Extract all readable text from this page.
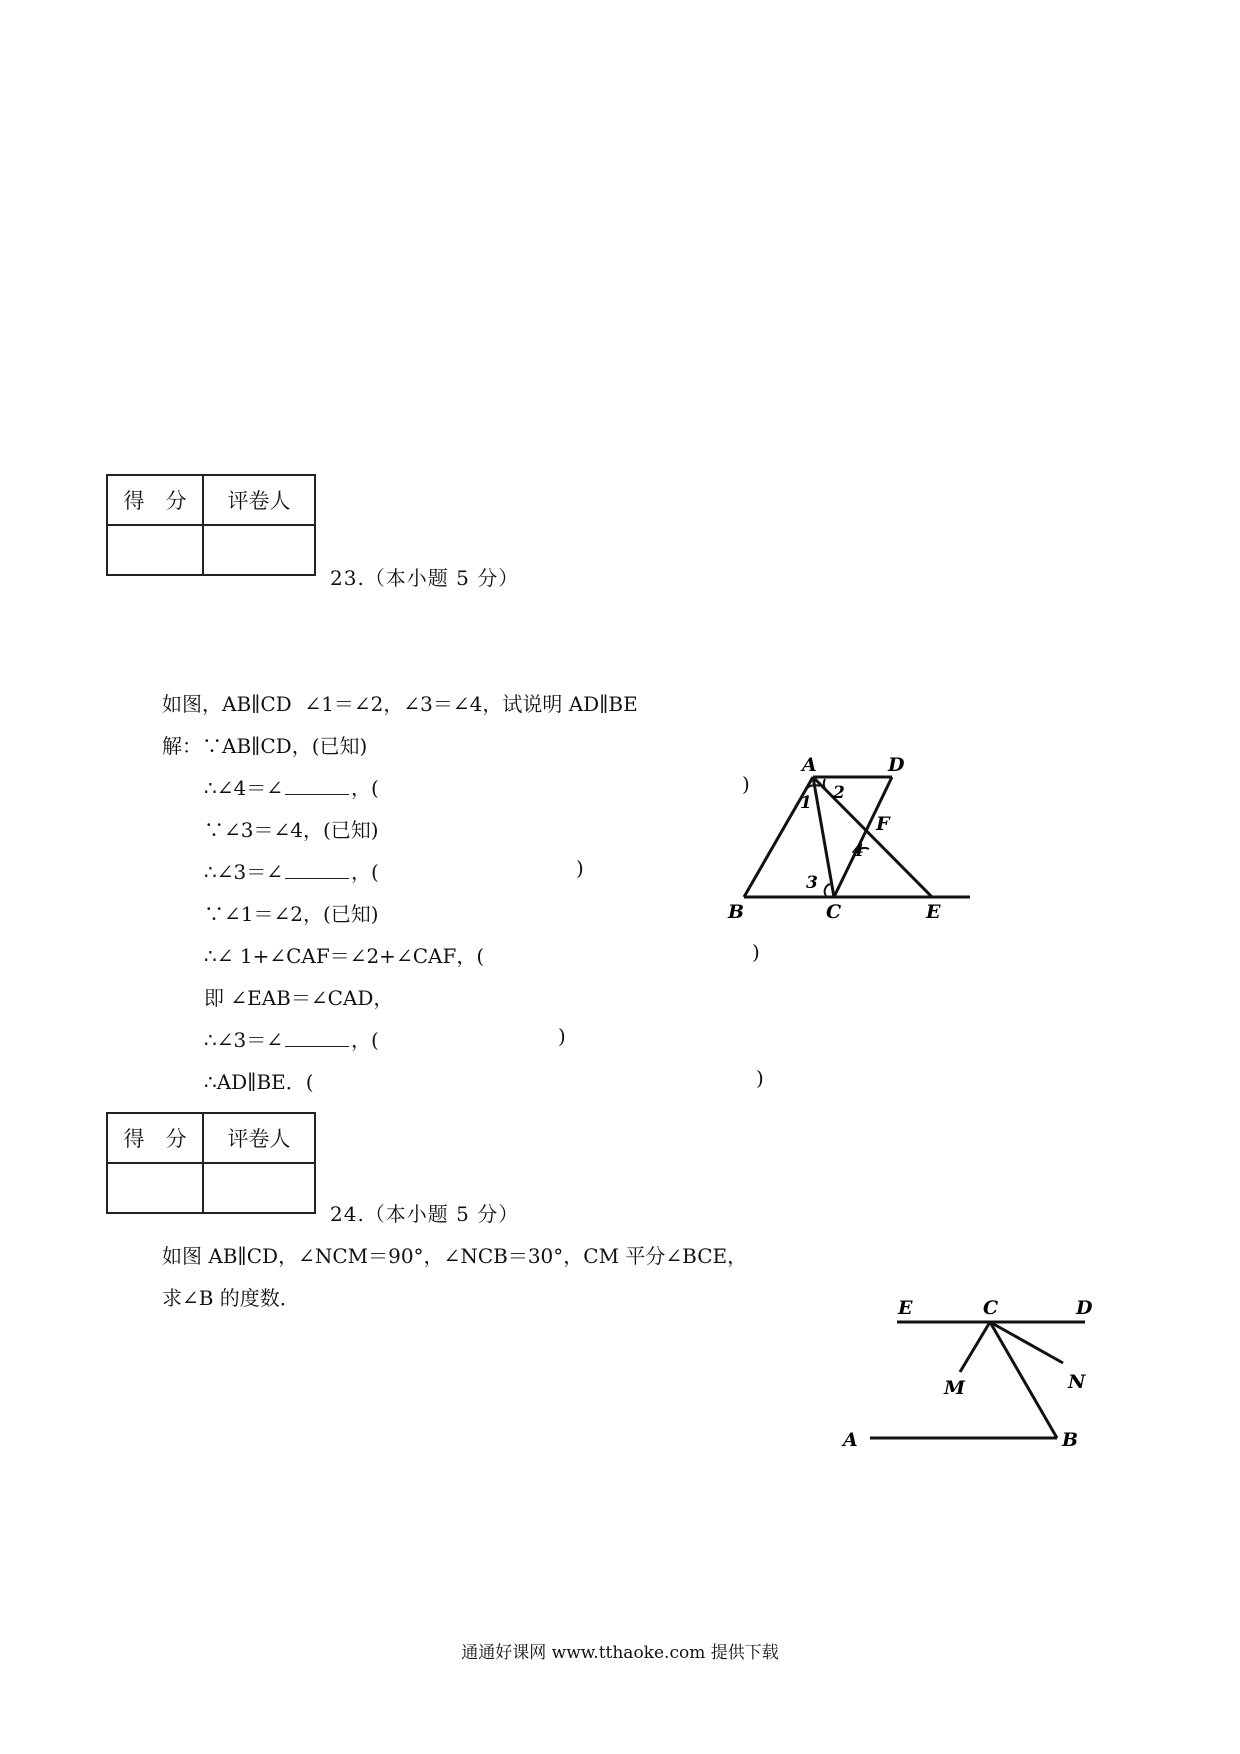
得　分	评卷人

23.（本小题 5 分）
如图，AB∥CD  ∠1＝∠2，∠3＝∠4，试说明 AD∥BE
解：∵AB∥CD，(已知)
∴∠4＝∠	，(	)
∵∠3＝∠4，(已知)
∴∠3＝∠	，(	)
∵∠1＝∠2，(已知)
∴∠ 1+∠CAF＝∠2+∠CAF，(	)
即 ∠EAB＝∠CAD，
∴∠3＝∠	，(	)
∴AD∥BE．(	)
A	D
B	C	E
F
1 2
3
4
得　分	评卷人

24.（本小题 5 分）
如图 AB∥CD，∠NCM＝90°，∠NCB＝30°，CM 平分∠BCE，
求∠B 的度数．	E	C	D
M	N
A	B
通通好课网 www.tthaoke.com 提供下载
